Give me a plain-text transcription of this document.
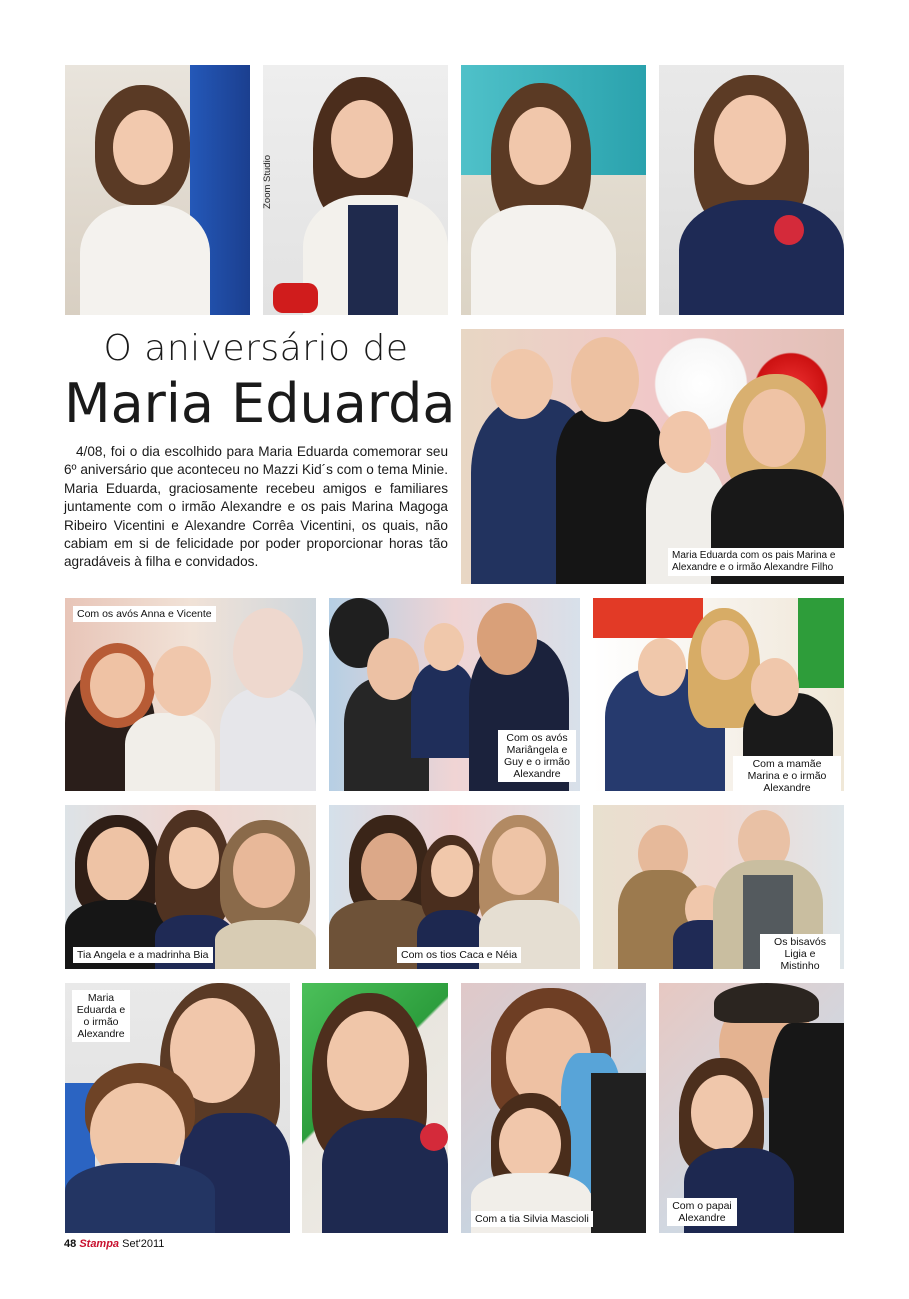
Zoom Studio
O aniversário de
Maria Eduarda

4/08, foi o dia escolhido para Maria Eduarda comemorar seu 6º aniversário que aconteceu no Mazzi Kid´s com o tema Minie. Maria Eduarda, graciosamente recebeu amigos e familiares juntamente com o irmão Alexandre e os pais Marina Magoga Ribeiro Vicentini e Alexandre Corrêa Vicentini, os quais, não cabiam em si de felicidade por poder proporcionar horas tão agradáveis à filha e convidados.	Maria Eduarda com os pais Marina e Alexandre e o irmão Alexandre Filho
Com os avós Anna e Vicente
Com os avós Mariângela e Guy e o irmão Alexandre
Com a mamãe Marina e o irmão Alexandre
Tia Angela e a madrinha Bia	Com os tios Caca e Néia
Os bisavós Ligia e Mistinho
Maria Eduarda e o irmão Alexandre
Com a tia Silvia Mascioli
Com o papai Alexandre
48 Stampa Set'2011
